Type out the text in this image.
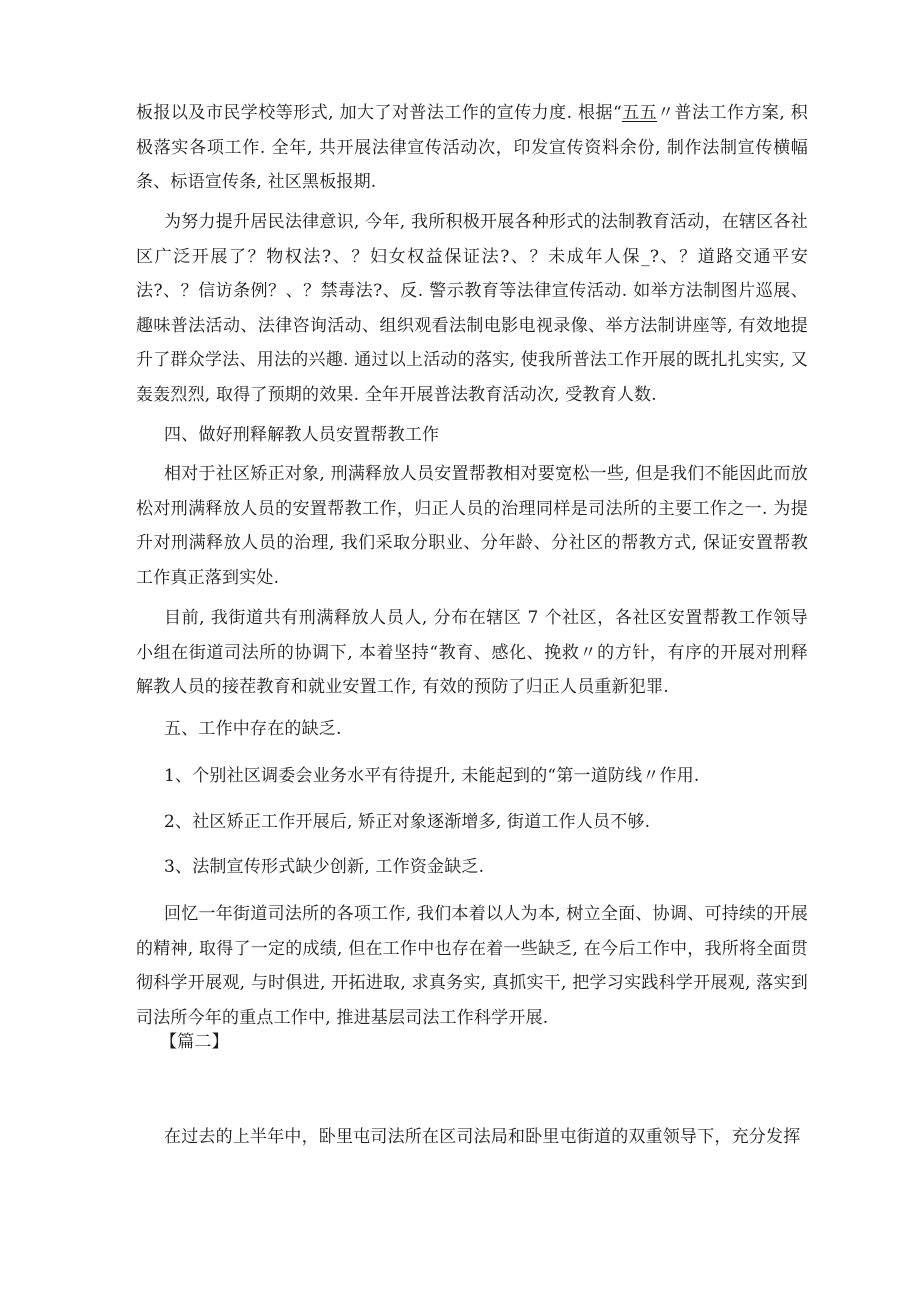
板报以及市民学校等形式, 加大了对普法工作的宣传力度. 根据“五五〃普法工作方案, 积极落实各项工作. 全年, 共开展法律宣传活动次，印发宣传资料余份, 制作法制宣传横幅条、标语宣传条, 社区黑板报期.

为努力提升居民法律意识, 今年, 我所积极开展各种形式的法制教育活动，在辖区各社区广泛开展了？物权法?、？妇女权益保证法?、？未成年人保_?、？道路交通平安法?、？信访条例？、？禁毒法?、反. 警示教育等法律宣传活动. 如举方法制图片巡展、趣味普法活动、法律咨询活动、组织观看法制电影电视录像、举方法制讲座等, 有效地提升了群众学法、用法的兴趣. 通过以上活动的落实, 使我所普法工作开展的既扎扎实实, 又轰轰烈烈, 取得了预期的效果. 全年开展普法教育活动次, 受教育人数.

四、做好刑释解教人员安置帮教工作

相对于社区矫正对象, 刑满释放人员安置帮教相对要宽松一些, 但是我们不能因此而放松对刑满释放人员的安置帮教工作，归正人员的治理同样是司法所的主要工作之一. 为提升对刑满释放人员的治理, 我们采取分职业、分年龄、分社区的帮教方式, 保证安置帮教工作真正落到实处.

目前, 我街道共有刑满释放人员人, 分布在辖区 7 个社区，各社区安置帮教工作领导小组在街道司法所的协调下, 本着坚持“教育、感化、挽救〃的方针，有序的开展对刑释解教人员的接茬教育和就业安置工作, 有效的预防了归正人员重新犯罪.

五、工作中存在的缺乏.

1、个别社区调委会业务水平有待提升, 未能起到的“第一道防线〃作用.

2、社区矫正工作开展后, 矫正对象逐渐增多, 街道工作人员不够.

3、法制宣传形式缺少创新, 工作资金缺乏.

回忆一年街道司法所的各项工作, 我们本着以人为本, 树立全面、协调、可持续的开展的精神, 取得了一定的成绩, 但在工作中也存在着一些缺乏, 在今后工作中，我所将全面贯彻科学开展观, 与时俱进, 开拓进取, 求真务实, 真抓实干, 把学习实践科学开展观, 落实到司法所今年的重点工作中, 推进基层司法工作科学开展.

【篇二】

在过去的上半年中，卧里屯司法所在区司法局和卧里屯街道的双重领导下，充分发挥
